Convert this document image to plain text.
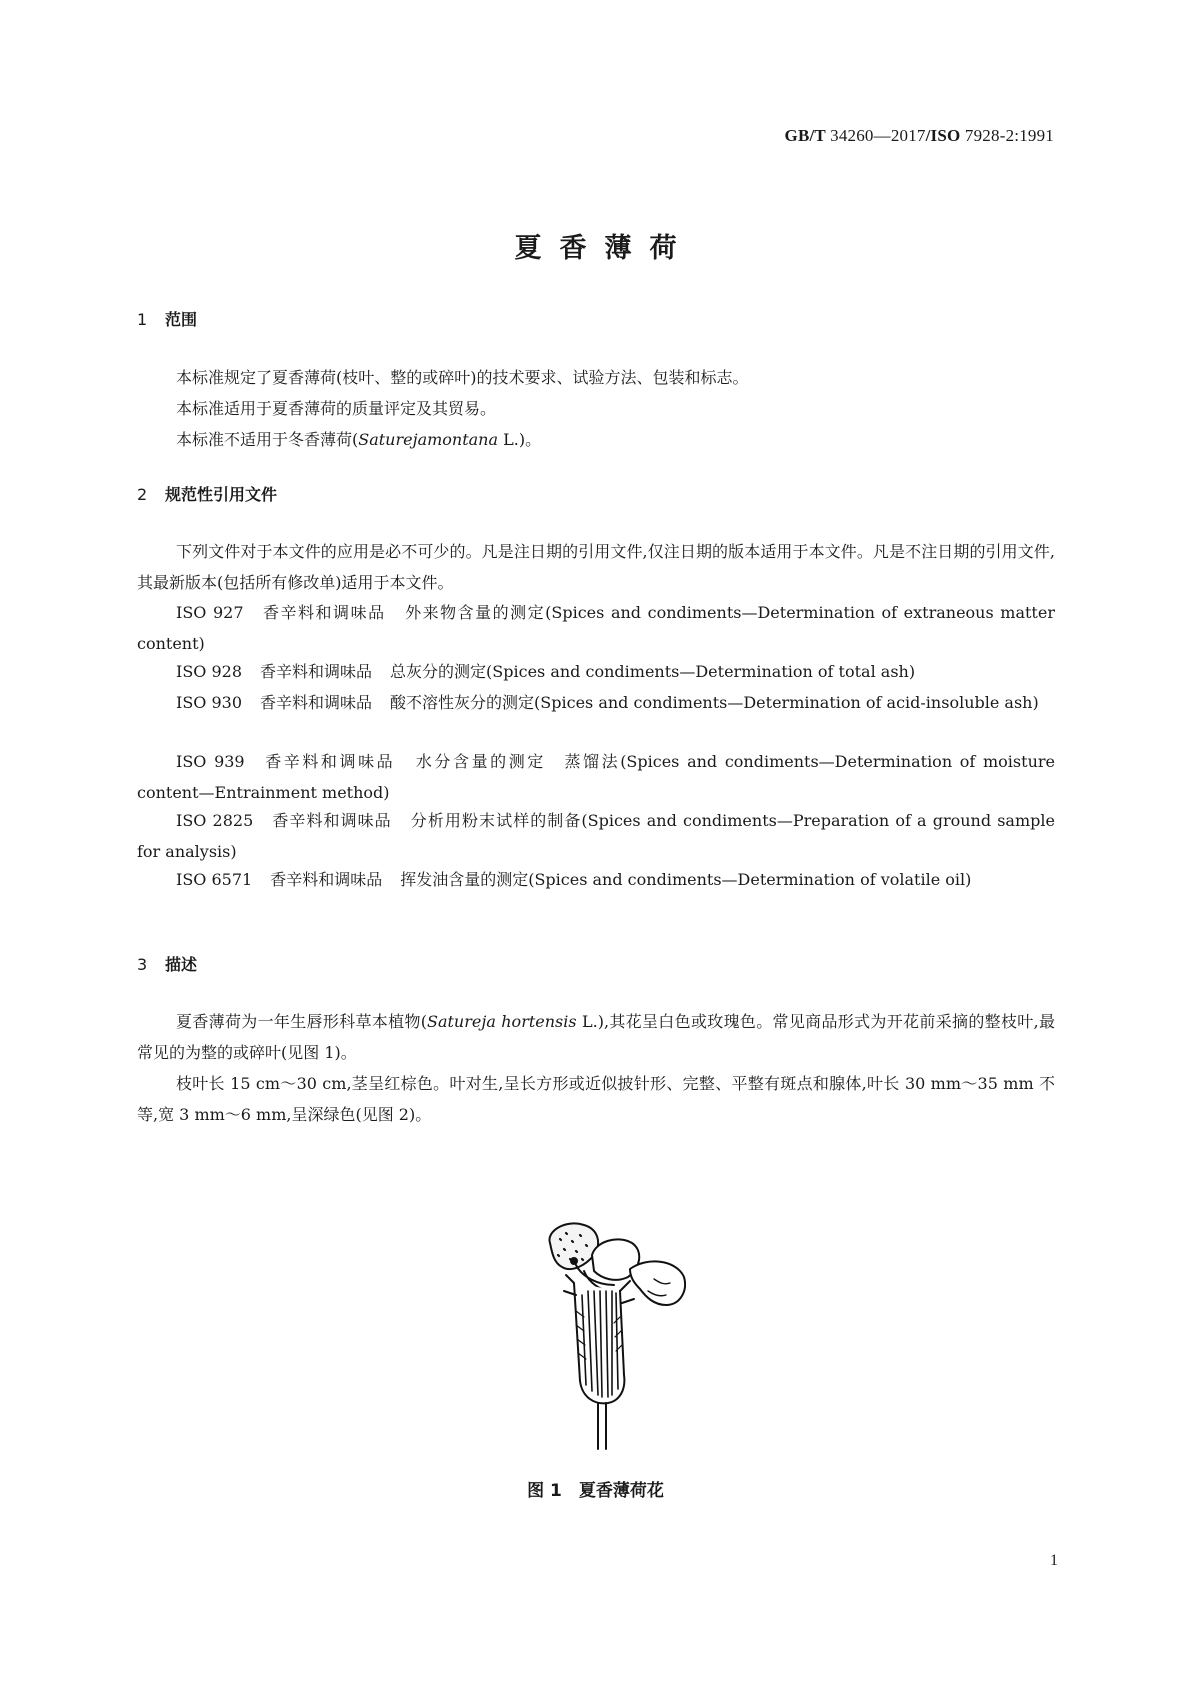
GB/T 34260—2017/ISO 7928-2:1991
夏香薄荷
1 范围

本标准规定了夏香薄荷(枝叶、整的或碎叶)的技术要求、试验方法、包装和标志。

本标准适用于夏香薄荷的质量评定及其贸易。

本标准不适用于冬香薄荷(Saturejamontana L.)。

2 规范性引用文件

下列文件对于本文件的应用是必不可少的。凡是注日期的引用文件,仅注日期的版本适用于本文件。凡是不注日期的引用文件,其最新版本(包括所有修改单)适用于本文件。

ISO 927 香辛料和调味品 外来物含量的测定(Spices and condiments—Determination of extraneous matter content)

ISO 928 香辛料和调味品 总灰分的测定(Spices and condiments—Determination of total ash)

ISO 930 香辛料和调味品 酸不溶性灰分的测定(Spices and condiments—Determination of acid-insoluble ash)

ISO 939 香辛料和调味品 水分含量的测定　蒸馏法(Spices and condiments—Determination of moisture content—Entrainment method)

ISO 2825 香辛料和调味品 分析用粉末试样的制备(Spices and condiments—Preparation of a ground sample for analysis)

ISO 6571 香辛料和调味品 挥发油含量的测定(Spices and condiments—Determination of volatile oil)

3 描述

夏香薄荷为一年生唇形科草本植物(Satureja hortensis L.),其花呈白色或玫瑰色。常见商品形式为开花前采摘的整枝叶,最常见的为整的或碎叶(见图 1)。

枝叶长 15 cm～30 cm,茎呈红棕色。叶对生,呈长方形或近似披针形、完整、平整有斑点和腺体,叶长 30 mm～35 mm 不等,宽 3 mm～6 mm,呈深绿色(见图 2)。

图 1　夏香薄荷花
1
